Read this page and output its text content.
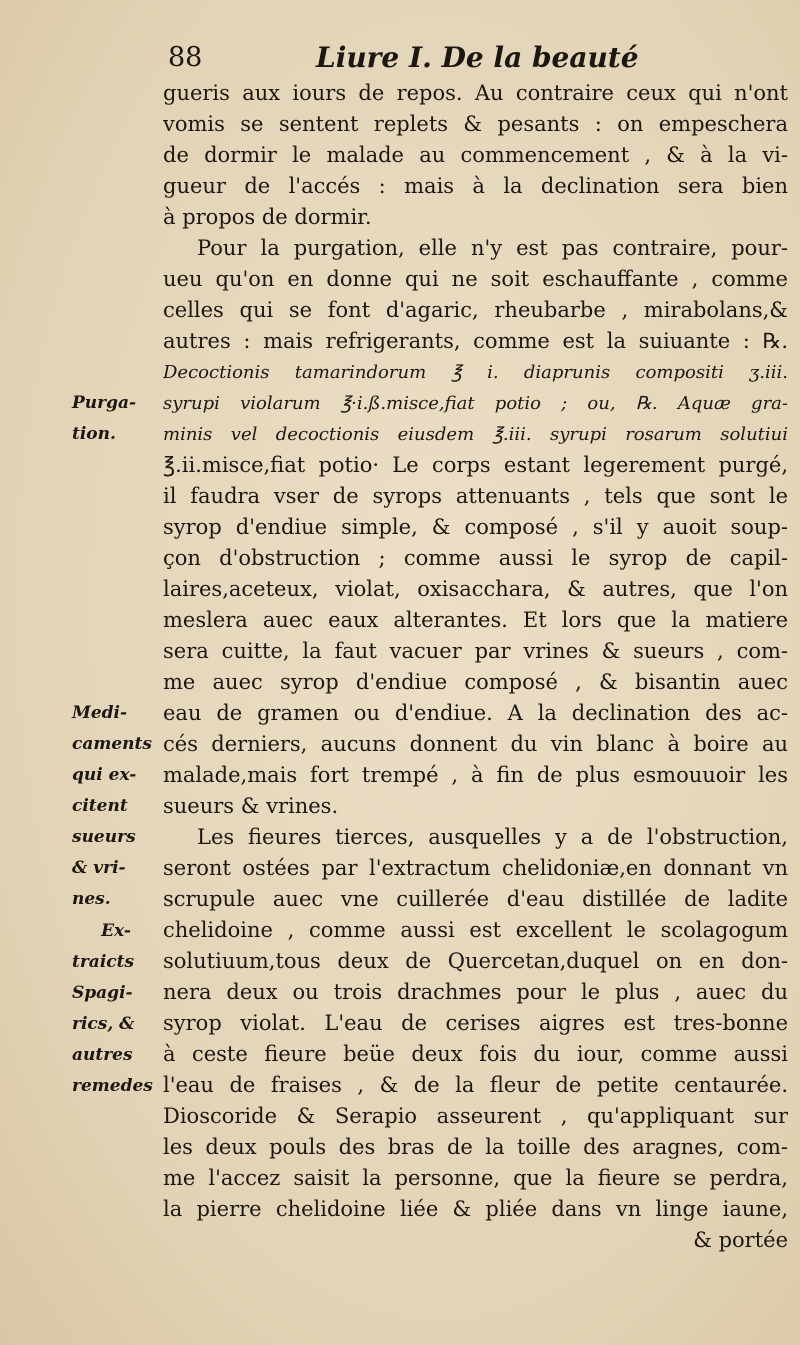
88	Liure I. De la beauté
gueris aux iours de repos. Au contraire ceux qui n'ont
vomis se sentent replets & pesants : on empeschera
de dormir le malade au commencement , & à la vi-
gueur de l'accés : mais à la declination sera bien
à propos de dormir.
Pour la purgation, elle n'y est pas contraire, pour-
ueu qu'on en donne qui ne soit eschauffante , comme
celles qui se font d'agaric, rheubarbe , mirabolans,&
autres : mais refrigerants, comme est la suiuante : ℞.
Decoctionis tamarindorum ℥ i. diaprunis compositi ʒ.iii.
syrupi violarum ℥·i.ß.misce,fiat potio ; ou, ℞. Aquæ gra-
minis vel decoctionis eiusdem ℥.iii. syrupi rosarum solutiui
℥.ii.misce,fiat potio· Le corps estant legerement purgé,
il faudra vser de syrops attenuants , tels que sont le
syrop d'endiue simple, & composé , s'il y auoit soup-
çon d'obstruction ; comme aussi le syrop de capil-
laires,aceteux, violat, oxisacchara, & autres, que l'on
meslera auec eaux alterantes. Et lors que la matiere
sera cuitte, la faut vacuer par vrines & sueurs , com-
me auec syrop d'endiue composé , & bisantin auec
eau de gramen ou d'endiue. A la declination des ac-
cés derniers, aucuns donnent du vin blanc à boire au
malade,mais fort trempé , à fin de plus esmouuoir les
sueurs & vrines.
Les fieures tierces, ausquelles y a de l'obstruction,
seront ostées par l'extractum chelidoniæ,en donnant vn
scrupule auec vne cuillerée d'eau distillée de ladite
chelidoine , comme aussi est excellent le scolagogum
solutiuum,tous deux de Quercetan,duquel on en don-
nera deux ou trois drachmes pour le plus , auec du
syrop violat. L'eau de cerises aigres est tres-bonne
à ceste fieure beüe deux fois du iour, comme aussi
l'eau de fraises , & de la fleur de petite centaurée.
Dioscoride & Serapio asseurent , qu'appliquant sur
les deux pouls des bras de la toille des aragnes, com-
me l'accez saisit la personne, que la fieure se perdra,
la pierre chelidoine liée & pliée dans vn linge iaune,
& portée
Purga-
tion.
Medi-
caments
qui ex-
citent
sueurs
& vri-
nes.
Ex-
traicts
Spagi-
rics, &
autres
remedes
